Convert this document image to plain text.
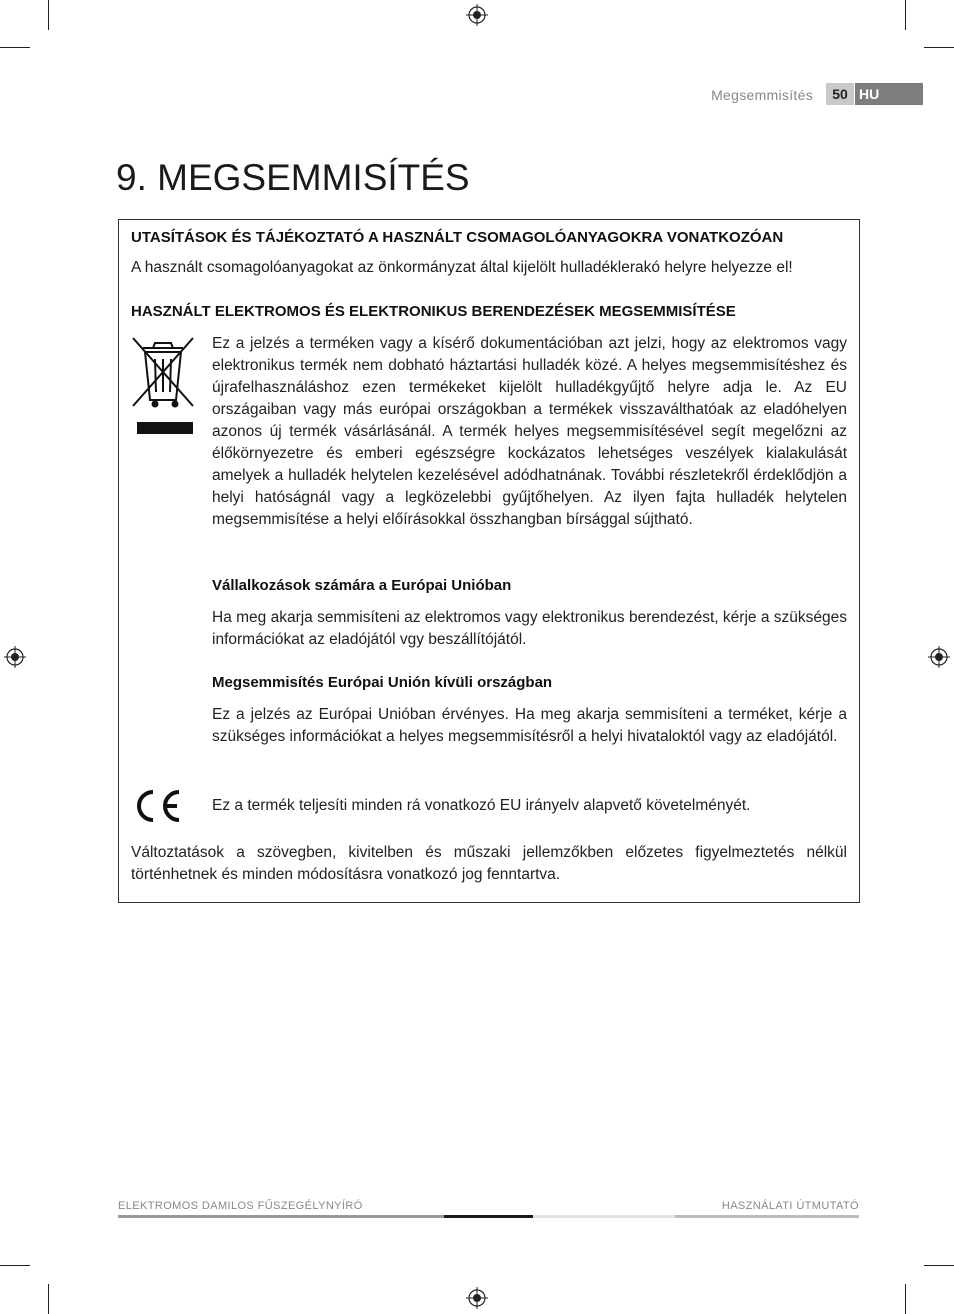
Megsemmisítés	50 HU
9. MEGSEMMISÍTÉS

UTASÍTÁSOK ÉS TÁJÉKOZTATÓ A HASZNÁLT CSOMAGOLÓANYAGOKRA VONATKOZÓAN

A használt csomagolóanyagokat az önkormányzat által kijelölt hulladéklerakó helyre helyezze el!

HASZNÁLT ELEKTROMOS ÉS ELEKTRONIKUS BERENDEZÉSEK MEGSEMMISÍTÉSE

Ez a jelzés a terméken vagy a kísérő dokumentációban azt jelzi, hogy az elektromos vagy elektronikus termék nem dobható háztartási hulladék közé. A helyes megsemmisítéshez és újrafelhasználáshoz ezen termékeket kijelölt hulladékgyűjtő helyre adja le. Az EU országaiban vagy más európai országokban a termékek visszaválthatóak az eladóhelyen azonos új termék vásárlásánál. A termék helyes megsemmisítésével segít megelőzni az élőkörnyezetre és emberi egészségre kockázatos lehetséges veszélyek kialakulását amelyek a hulladék helytelen kezelésével adódhatnának. További részletekről érdeklődjön a helyi hatóságnál vagy a legközelebbi gyűjtőhelyen. Az ilyen fajta hulladék helytelen megsemmisítése a helyi előírásokkal összhangban bírsággal sújtható.

Vállalkozások számára a Európai Unióban

Ha meg akarja semmisíteni az elektromos vagy elektronikus berendezést, kérje a szükséges információkat az eladójától vgy beszállítójától.

Megsemmisítés Európai Unión kívüli országban

Ez a jelzés az Európai Unióban érvényes. Ha meg akarja semmisíteni a terméket, kérje a szükséges információkat a helyes megsemmisítésről a helyi hivataloktól vagy az eladójától.

Ez a termék teljesíti minden rá vonatkozó EU irányelv alapvető követelményét.

Változtatások a szövegben, kivitelben és műszaki jellemzőkben előzetes figyelmeztetés nélkül történhetnek és minden módosításra vonatkozó jog fenntartva.

ELEKTROMOS DAMILOS FŰSZEGÉLYNYÍRÓ	HASZNÁLATI ÚTMUTATÓ
